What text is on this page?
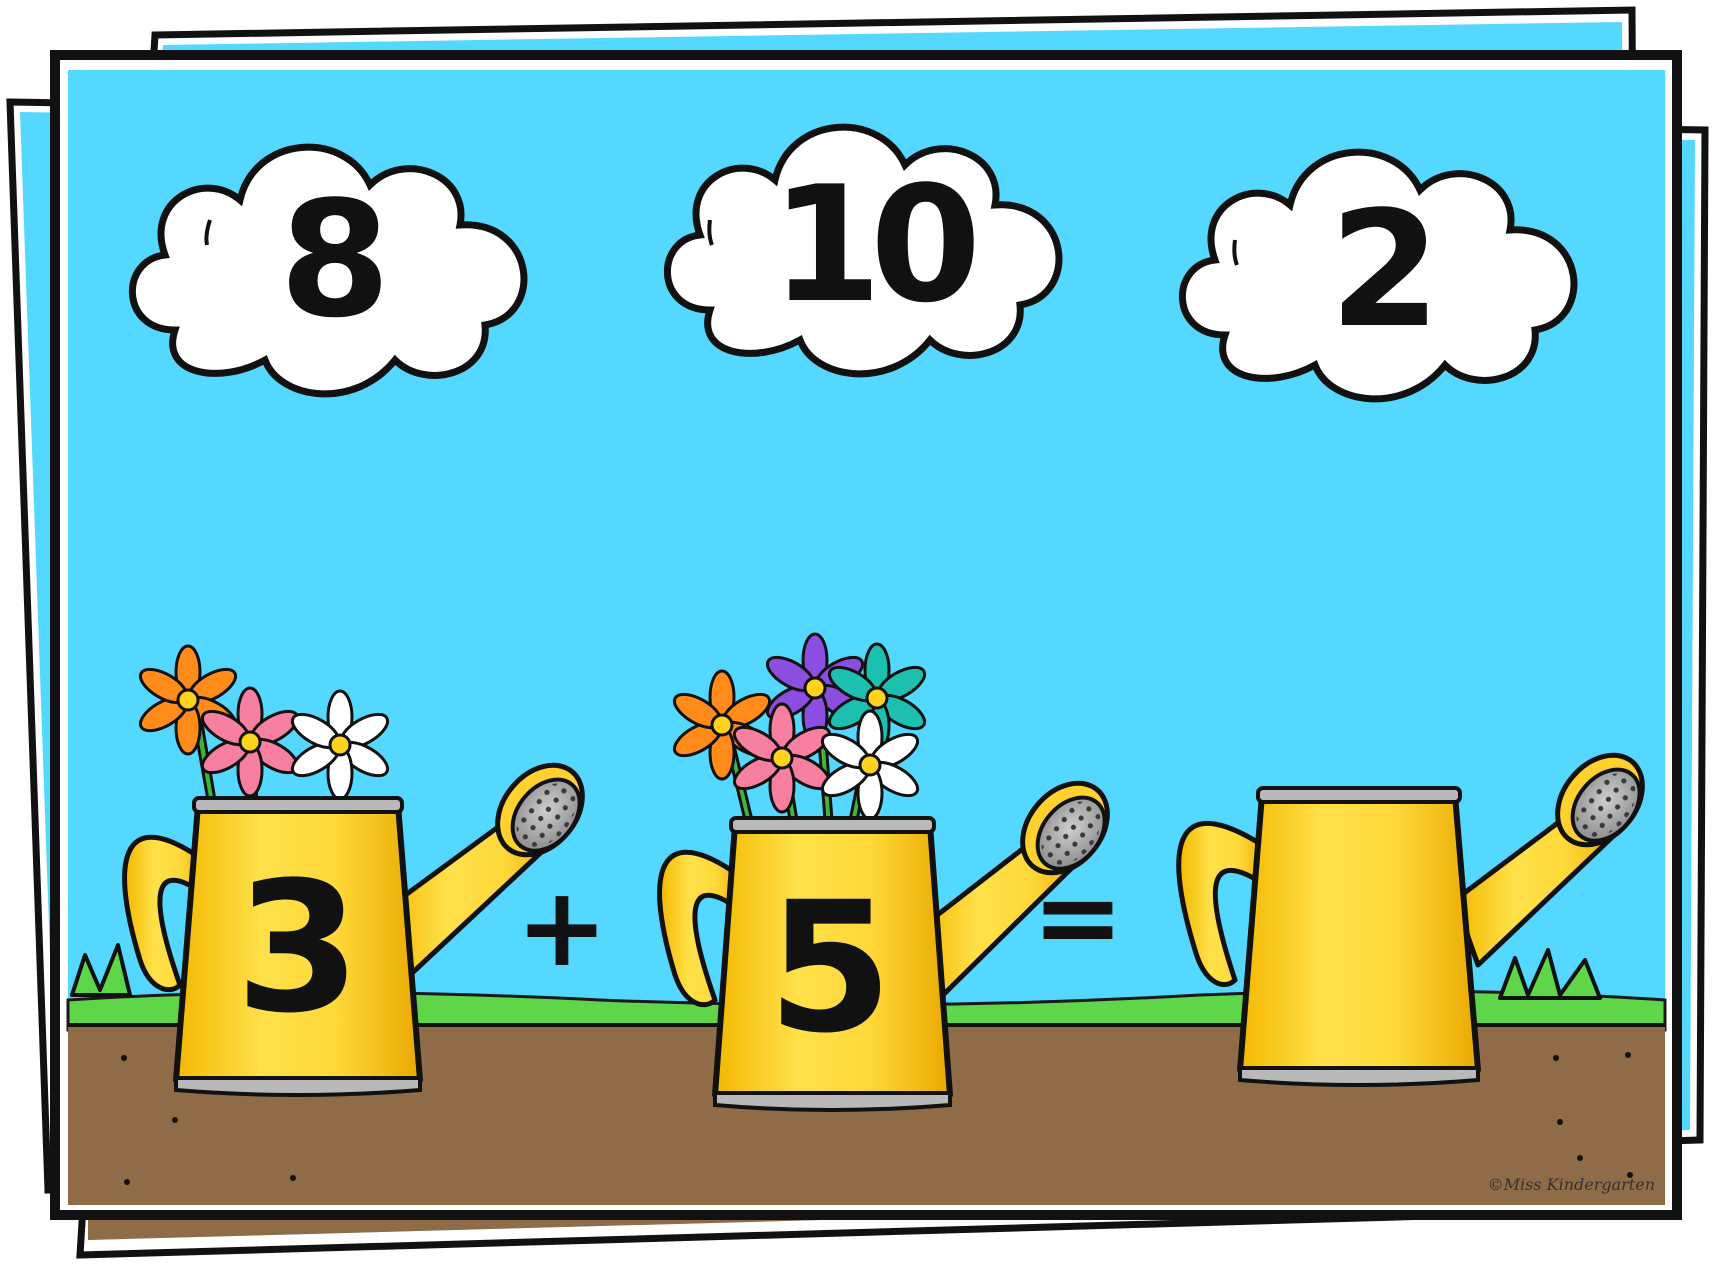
8 10 2
3 + 5 =
©Miss Kindergarten
